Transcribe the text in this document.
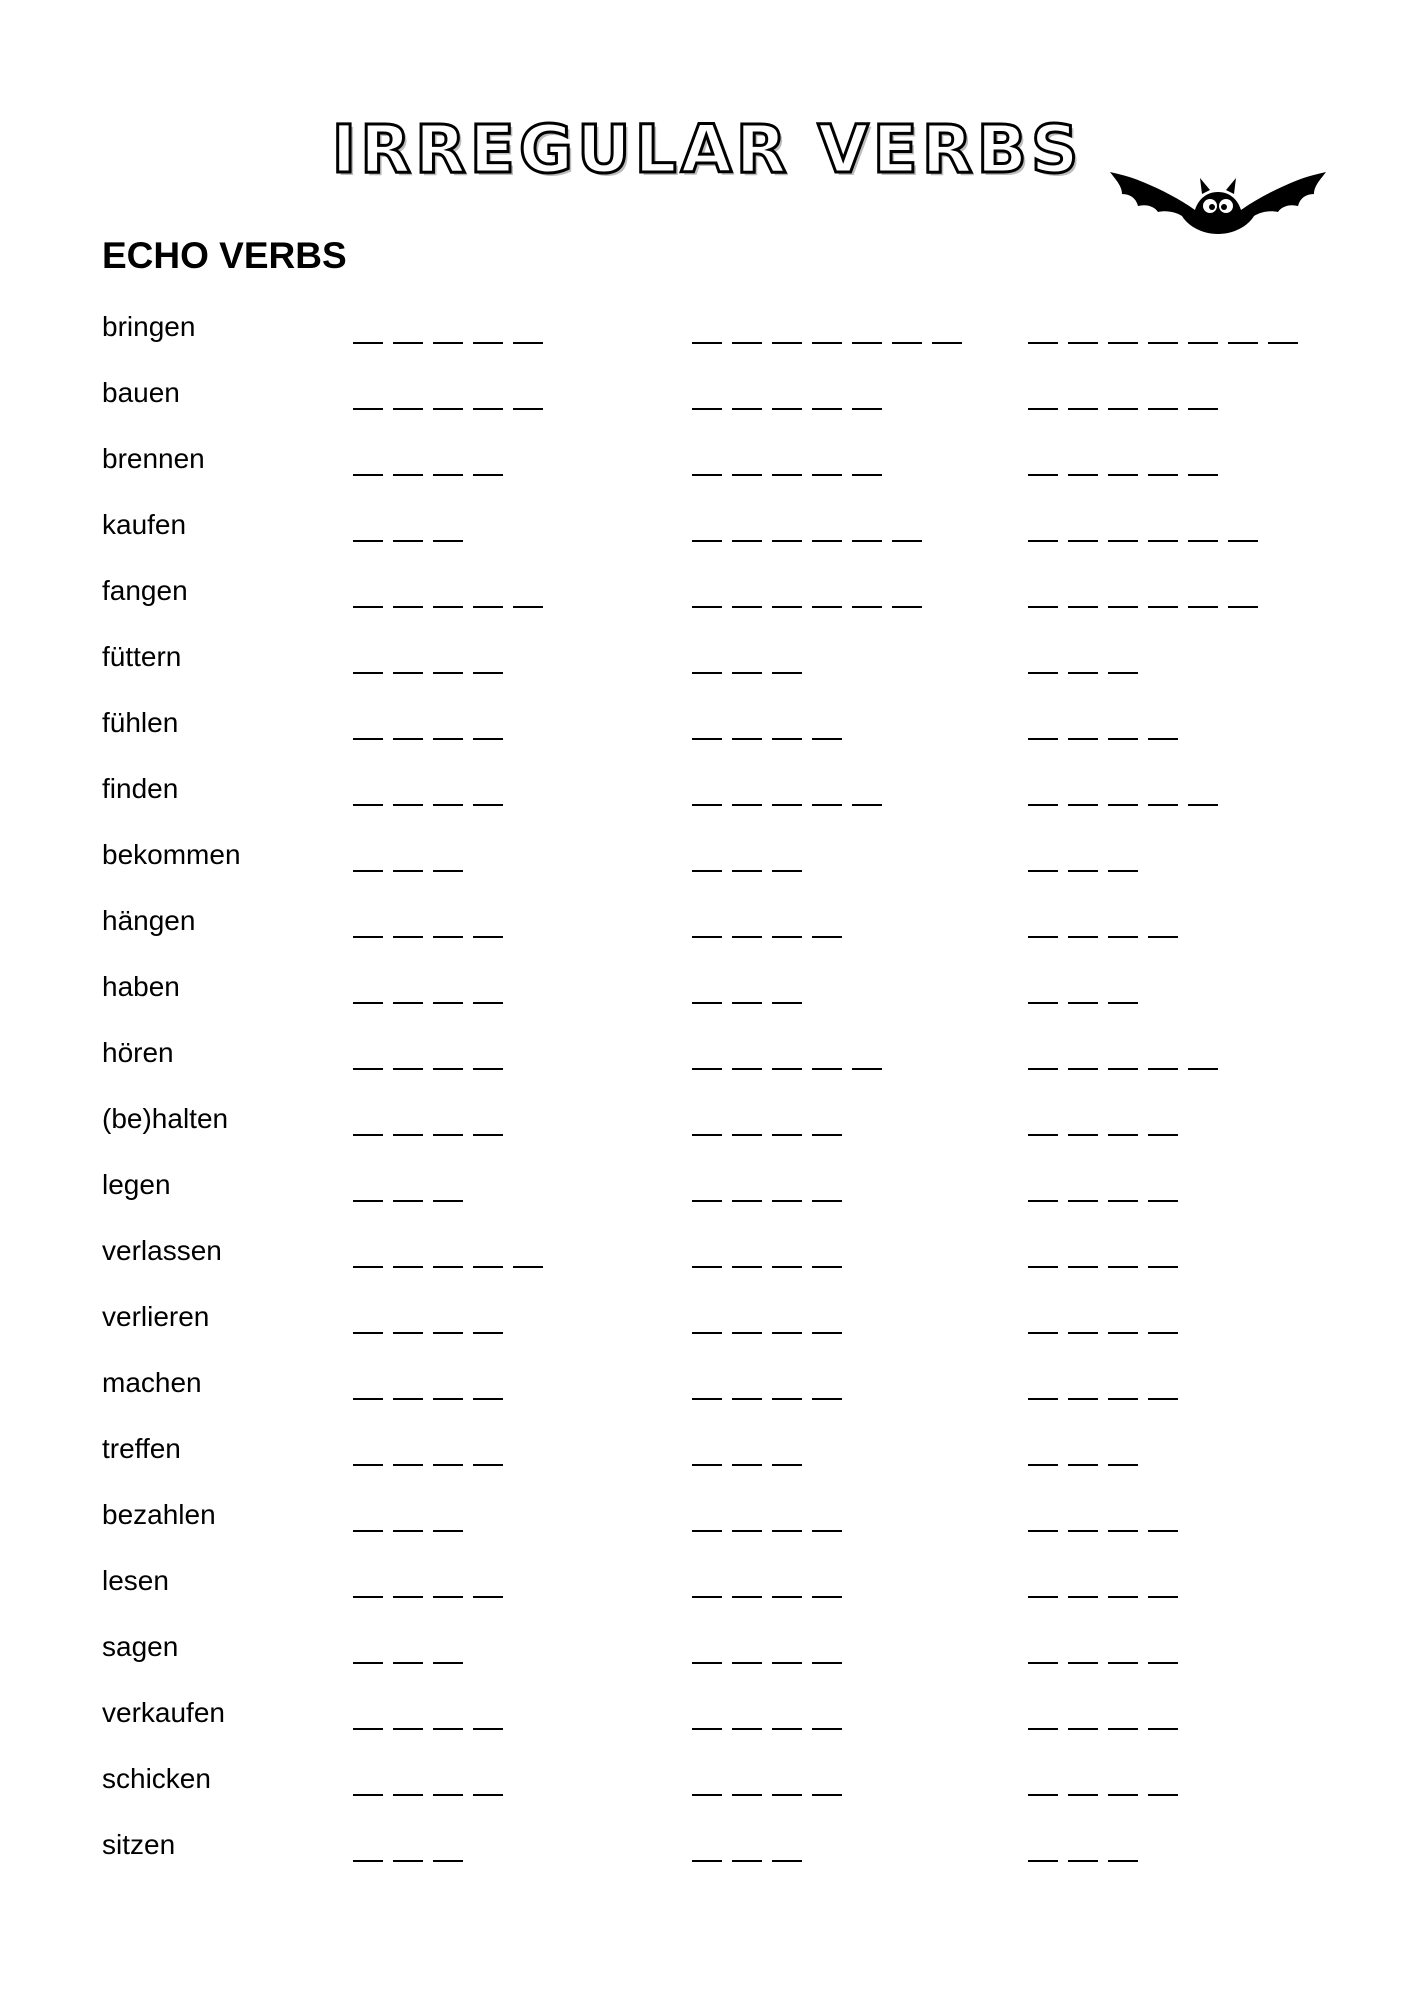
IRREGULAR VERBS
ECHO VERBS
bringen
bauen
brennen
kaufen
fangen
füttern
fühlen
finden
bekommen
hängen
haben
hören
(be)halten
legen
verlassen
verlieren
machen
treffen
bezahlen
lesen
sagen
verkaufen
schicken
sitzen
